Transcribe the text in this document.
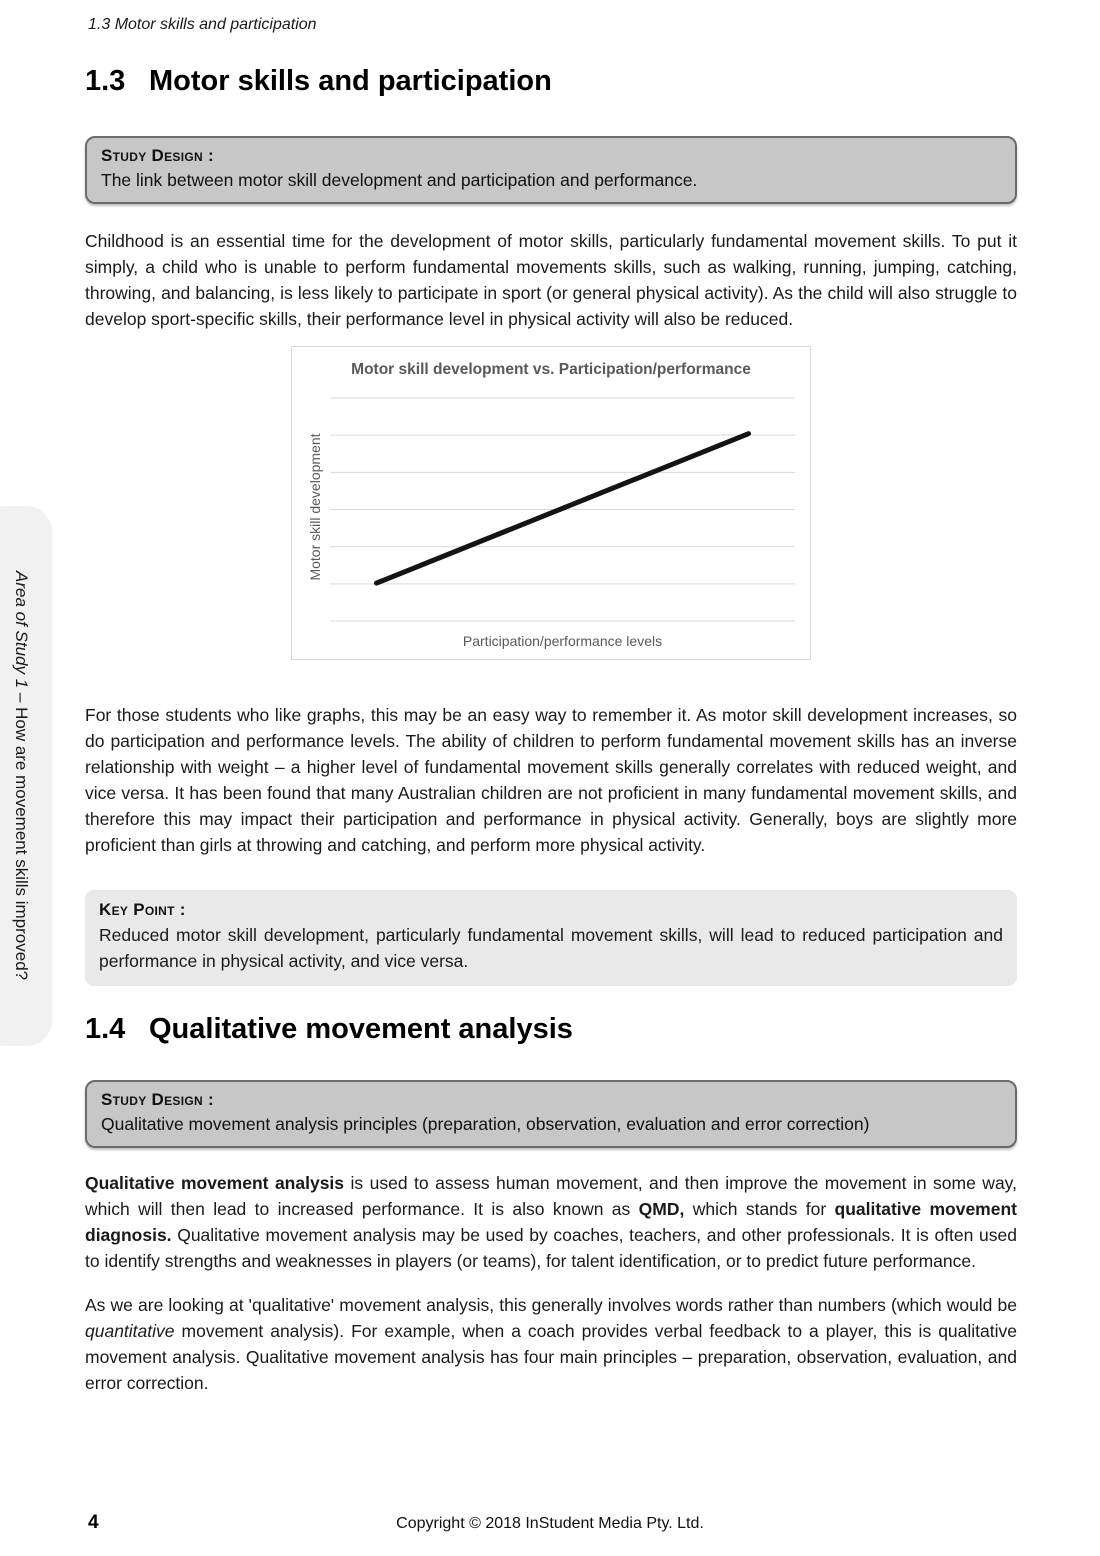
1.3 Motor skills and participation
Area of Study 1 – How are movement skills improved?
1.3 Motor skills and participation
Study Design :
The link between motor skill development and participation and performance.

Childhood is an essential time for the development of motor skills, particularly fundamental movement skills. To put it simply, a child who is unable to perform fundamental movements skills, such as walking, running, jumping, catching, throwing, and balancing, is less likely to participate in sport (or general physical activity). As the child will also struggle to develop sport-specific skills, their performance level in physical activity will also be reduced.

Motor skill development vs. Participation/performance
Motor skill development
Participation/performance levels

For those students who like graphs, this may be an easy way to remember it. As motor skill development increases, so do participation and performance levels. The ability of children to perform fundamental movement skills has an inverse relationship with weight – a higher level of fundamental movement skills generally correlates with reduced weight, and vice versa. It has been found that many Australian children are not proficient in many fundamental movement skills, and therefore this may impact their participation and performance in physical activity. Generally, boys are slightly more proficient than girls at throwing and catching, and perform more physical activity.

Key Point :
Reduced motor skill development, particularly fundamental movement skills, will lead to reduced participation and performance in physical activity, and vice versa.
1.4 Qualitative movement analysis
Study Design :
Qualitative movement analysis principles (preparation, observation, evaluation and error correction)

Qualitative movement analysis is used to assess human movement, and then improve the movement in some way, which will then lead to increased performance. It is also known as QMD, which stands for qualitative movement diagnosis. Qualitative movement analysis may be used by coaches, teachers, and other professionals. It is often used to identify strengths and weaknesses in players (or teams), for talent identification, or to predict future performance.

As we are looking at 'qualitative' movement analysis, this generally involves words rather than numbers (which would be quantitative movement analysis). For example, when a coach provides verbal feedback to a player, this is qualitative movement analysis. Qualitative movement analysis has four main principles – preparation, observation, evaluation, and error correction.

4	Copyright © 2018 InStudent Media Pty. Ltd.
